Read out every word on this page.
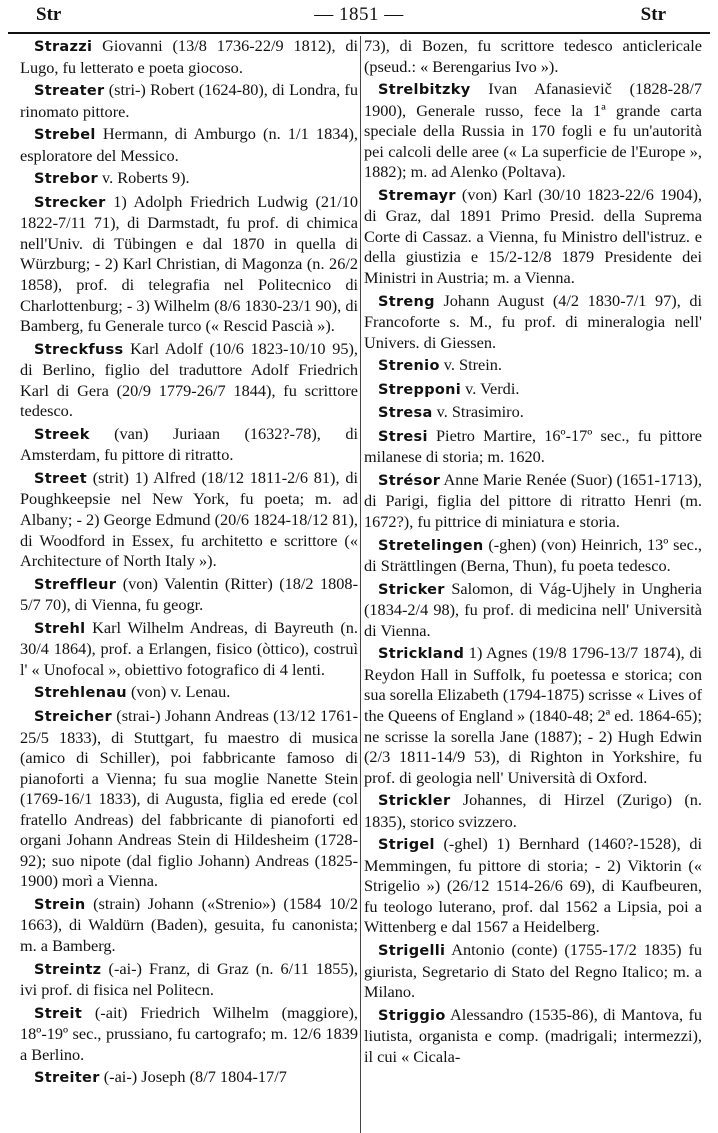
Str	— 1851 —	Str

Strazzi Giovanni (13/8 1736-22/9 1812), di Lugo, fu letterato e poeta giocoso.

Streater (stri-) Robert (1624-80), di Londra, fu rinomato pittore.

Strebel Hermann, di Amburgo (n. 1/1 1834), esploratore del Messico.

Strebor v. Roberts 9).

Strecker 1) Adolph Friedrich Ludwig (21/10 1822-7/11 71), di Darmstadt, fu prof. di chimica nell'Univ. di Tübingen e dal 1870 in quella di Würzburg; - 2) Karl Christian, di Magonza (n. 26/2 1858), prof. di telegrafia nel Politecnico di Charlottenburg; - 3) Wilhelm (8/6 1830-23/1 90), di Bamberg, fu Generale turco (« Rescid Pascià »).

Streckfuss Karl Adolf (10/6 1823-10/10 95), di Berlino, figlio del traduttore Adolf Friedrich Karl di Gera (20/9 1779-26/7 1844), fu scrittore tedesco.

Streek (van) Juriaan (1632?-78), di Amsterdam, fu pittore di ritratto.

Street (strit) 1) Alfred (18/12 1811-2/6 81), di Poughkeepsie nel New York, fu poeta; m. ad Albany; - 2) George Edmund (20/6 1824-18/12 81), di Woodford in Essex, fu architetto e scrittore (« Architecture of North Italy »).

Streffleur (von) Valentin (Ritter) (18/2 1808-5/7 70), di Vienna, fu geogr.

Strehl Karl Wilhelm Andreas, di Bayreuth (n. 30/4 1864), prof. a Erlangen, fisico (òttico), costruì l' « Unofocal », obiettivo fotografico di 4 lenti.

Strehlenau (von) v. Lenau.

Streicher (strai-) Johann Andreas (13/12 1761-25/5 1833), di Stuttgart, fu maestro di musica (amico di Schiller), poi fabbricante famoso di pianoforti a Vienna; fu sua moglie Nanette Stein (1769-16/1 1833), di Augusta, figlia ed erede (col fratello Andreas) del fabbricante di pianoforti ed organi Johann Andreas Stein di Hildesheim (1728-92); suo nipote (dal figlio Johann) Andreas (1825-1900) morì a Vienna.

Strein (strain) Johann («Strenio») (1584 10/2 1663), di Waldürn (Baden), gesuita, fu canonista; m. a Bamberg.

Streintz (-ai-) Franz, di Graz (n. 6/11 1855), ivi prof. di fisica nel Politecn.

Streit (-ait) Friedrich Wilhelm (maggiore), 18º-19º sec., prussiano, fu cartografo; m. 12/6 1839 a Berlino.

Streiter (-ai-) Joseph (8/7 1804-17/7

73), di Bozen, fu scrittore tedesco anticlericale (pseud.: « Berengarius Ivo »).

Strelbitzky Ivan Afanasievič (1828-28/7 1900), Generale russo, fece la 1ª grande carta speciale della Russia in 170 fogli e fu un'autorità pei calcoli delle aree (« La superficie de l'Europe », 1882); m. ad Alenko (Poltava).

Stremayr (von) Karl (30/10 1823-22/6 1904), di Graz, dal 1891 Primo Presid. della Suprema Corte di Cassaz. a Vienna, fu Ministro dell'istruz. e della giustizia e 15/2-12/8 1879 Presidente dei Ministri in Austria; m. a Vienna.

Streng Johann August (4/2 1830-7/1 97), di Francoforte s. M., fu prof. di mineralogia nell' Univers. di Giessen.

Strenio v. Strein.

Strepponi v. Verdi.

Stresa v. Strasimiro.

Stresi Pietro Martire, 16º-17º sec., fu pittore milanese di storia; m. 1620.

Strésor Anne Marie Renée (Suor) (1651-1713), di Parigi, figlia del pittore di ritratto Henri (m. 1672?), fu pittrice di miniatura e storia.

Stretelingen (-ghen) (von) Heinrich, 13º sec., di Strättlingen (Berna, Thun), fu poeta tedesco.

Stricker Salomon, di Vág-Ujhely in Ungheria (1834-2/4 98), fu prof. di medicina nell' Università di Vienna.

Strickland 1) Agnes (19/8 1796-13/7 1874), di Reydon Hall in Suffolk, fu poetessa e storica; con sua sorella Elizabeth (1794-1875) scrisse « Lives of the Queens of England » (1840-48; 2ª ed. 1864-65); ne scrisse la sorella Jane (1887); - 2) Hugh Edwin (2/3 1811-14/9 53), di Righton in Yorkshire, fu prof. di geologia nell' Università di Oxford.

Strickler Johannes, di Hirzel (Zurigo) (n. 1835), storico svizzero.

Strigel (-ghel) 1) Bernhard (1460?-1528), di Memmingen, fu pittore di storia; - 2) Viktorin (« Strigelio ») (26/12 1514-26/6 69), di Kaufbeuren, fu teologo luterano, prof. dal 1562 a Lipsia, poi a Wittenberg e dal 1567 a Heidelberg.

Strigelli Antonio (conte) (1755-17/2 1835) fu giurista, Segretario di Stato del Regno Italico; m. a Milano.

Striggio Alessandro (1535-86), di Mantova, fu liutista, organista e comp. (madrigali; intermezzi), il cui « Cicala-
